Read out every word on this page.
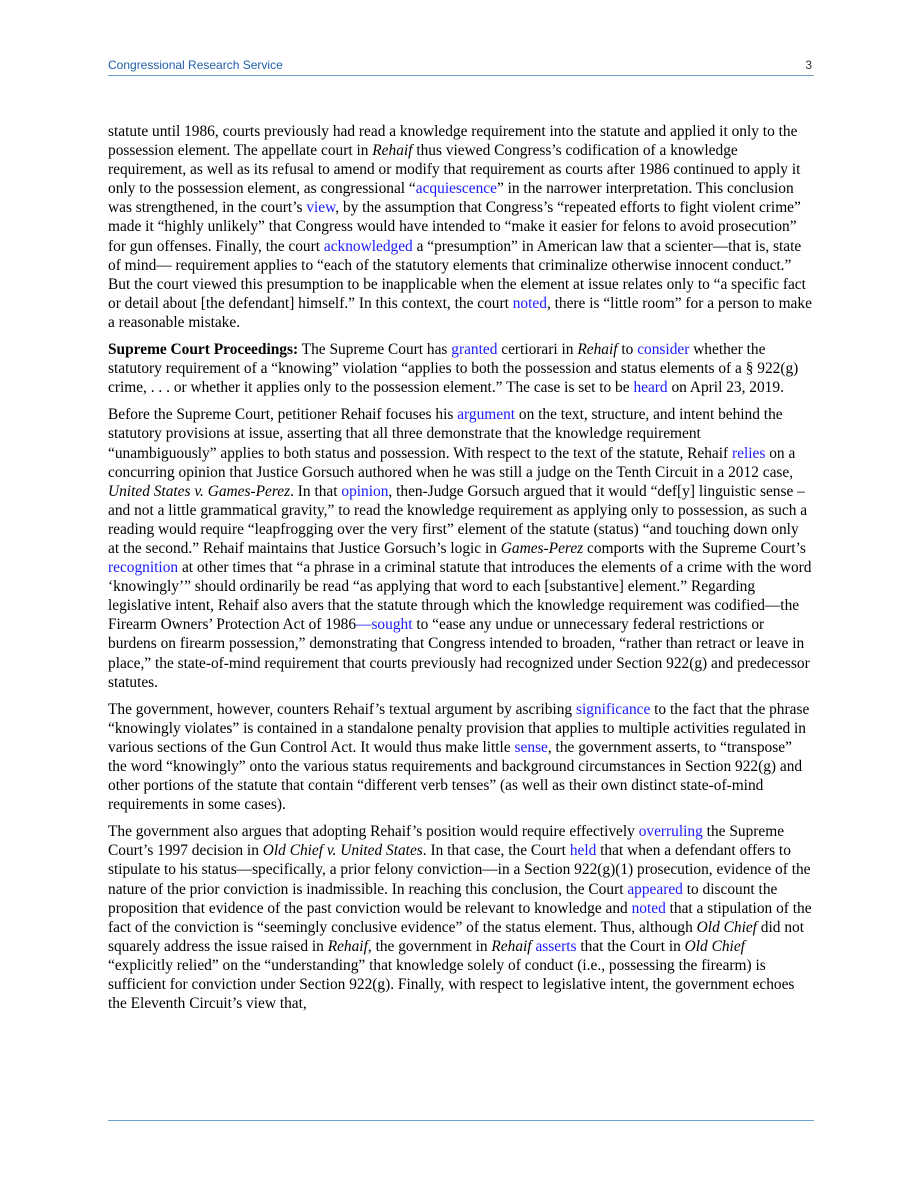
Congressional Research Service	3

statute until 1986, courts previously had read a knowledge requirement into the statute and applied it only to the possession element. The appellate court in Rehaif thus viewed Congress’s codification of a knowledge requirement, as well as its refusal to amend or modify that requirement as courts after 1986 continued to apply it only to the possession element, as congressional “acquiescence” in the narrower interpretation. This conclusion was strengthened, in the court’s view, by the assumption that Congress’s “repeated efforts to fight violent crime” made it “highly unlikely” that Congress would have intended to “make it easier for felons to avoid prosecution” for gun offenses. Finally, the court acknowledged a “presumption” in American law that a scienter—that is, state of mind— requirement applies to “each of the statutory elements that criminalize otherwise innocent conduct.” But the court viewed this presumption to be inapplicable when the element at issue relates only to “a specific fact or detail about [the defendant] himself.” In this context, the court noted, there is “little room” for a person to make a reasonable mistake.

Supreme Court Proceedings: The Supreme Court has granted certiorari in Rehaif to consider whether the statutory requirement of a “knowing” violation “applies to both the possession and status elements of a § 922(g) crime, . . . or whether it applies only to the possession element.” The case is set to be heard on April 23, 2019.

Before the Supreme Court, petitioner Rehaif focuses his argument on the text, structure, and intent behind the statutory provisions at issue, asserting that all three demonstrate that the knowledge requirement “unambiguously” applies to both status and possession. With respect to the text of the statute, Rehaif relies on a concurring opinion that Justice Gorsuch authored when he was still a judge on the Tenth Circuit in a 2012 case, United States v. Games-Perez. In that opinion, then-Judge Gorsuch argued that it would “def[y] linguistic sense – and not a little grammatical gravity,” to read the knowledge requirement as applying only to possession, as such a reading would require “leapfrogging over the very first” element of the statute (status) “and touching down only at the second.” Rehaif maintains that Justice Gorsuch’s logic in Games-Perez comports with the Supreme Court’s recognition at other times that “a phrase in a criminal statute that introduces the elements of a crime with the word ‘knowingly’” should ordinarily be read “as applying that word to each [substantive] element.” Regarding legislative intent, Rehaif also avers that the statute through which the knowledge requirement was codified—the Firearm Owners’ Protection Act of 1986—sought to “ease any undue or unnecessary federal restrictions or burdens on firearm possession,” demonstrating that Congress intended to broaden, “rather than retract or leave in place,” the state-of-mind requirement that courts previously had recognized under Section 922(g) and predecessor statutes.

The government, however, counters Rehaif’s textual argument by ascribing significance to the fact that the phrase “knowingly violates” is contained in a standalone penalty provision that applies to multiple activities regulated in various sections of the Gun Control Act. It would thus make little sense, the government asserts, to “transpose” the word “knowingly” onto the various status requirements and background circumstances in Section 922(g) and other portions of the statute that contain “different verb tenses” (as well as their own distinct state-of-mind requirements in some cases).

The government also argues that adopting Rehaif’s position would require effectively overruling the Supreme Court’s 1997 decision in Old Chief v. United States. In that case, the Court held that when a defendant offers to stipulate to his status—specifically, a prior felony conviction—in a Section 922(g)(1) prosecution, evidence of the nature of the prior conviction is inadmissible. In reaching this conclusion, the Court appeared to discount the proposition that evidence of the past conviction would be relevant to knowledge and noted that a stipulation of the fact of the conviction is “seemingly conclusive evidence” of the status element. Thus, although Old Chief did not squarely address the issue raised in Rehaif, the government in Rehaif asserts that the Court in Old Chief “explicitly relied” on the “understanding” that knowledge solely of conduct (i.e., possessing the firearm) is sufficient for conviction under Section 922(g). Finally, with respect to legislative intent, the government echoes the Eleventh Circuit’s view that,
